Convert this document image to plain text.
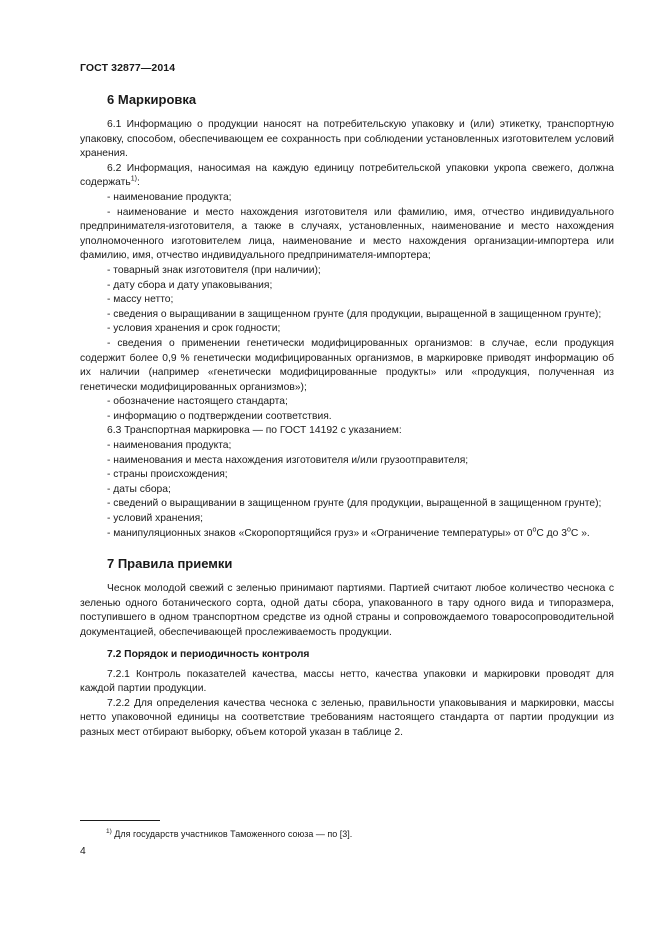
ГОСТ 32877—2014
6 Маркировка

6.1 Информацию о продукции наносят на потребительскую упаковку и (или) этикетку, транспортную упаковку, способом, обеспечивающем ее сохранность при соблюдении установленных изготовителем условий хранения.

6.2 Информация, наносимая на каждую единицу потребительской упаковки укропа свежего, должна содержать$^{1)}$:

- наименование продукта;

- наименование и место нахождения изготовителя или фамилию, имя, отчество индивидуального предпринимателя-изготовителя, а также в случаях, установленных, наименование и место нахождения уполномоченного изготовителем лица, наименование и место нахождения организации-импортера или фамилию, имя, отчество индивидуального предпринимателя-импортера;

- товарный знак изготовителя (при наличии);

- дату сбора и дату упаковывания;

- массу нетто;

- сведения о выращивании в защищенном грунте (для продукции, выращенной в защищенном грунте);

- условия хранения и срок годности;

- сведения о применении генетически модифицированных организмов: в случае, если продукция содержит более 0,9 % генетически модифицированных организмов, в маркировке приводят информацию об их наличии (например «генетически модифицированные продукты» или «продукция, полученная из генетически модифицированных организмов»);

- обозначение настоящего стандарта;

- информацию о подтверждении соответствия.

6.3 Транспортная маркировка — по ГОСТ 14192 с указанием:

- наименования продукта;

- наименования и места нахождения изготовителя и/или грузоотправителя;

- страны происхождения;

- даты сбора;

- сведений о выращивании в защищенном грунте (для продукции, выращенной в защищенном грунте);

- условий хранения;

- манипуляционных знаков «Скоропортящийся груз» и «Ограничение температуры» от $0^оС$ до $3^оС$ ».

7 Правила приемки

Чеснок молодой свежий с зеленью принимают партиями. Партией считают любое количество чеснока с зеленью одного ботанического сорта, одной даты сбора, упакованного в тару одного вида и типоразмера, поступившего в одном транспортном средстве из одной страны и сопровождаемого товаросопроводительной документацией, обеспечивающей прослеживаемость продукции.

7.2 Порядок и периодичность контроля

7.2.1 Контроль показателей качества, массы нетто, качества упаковки и маркировки проводят для каждой партии продукции.

7.2.2 Для определения качества чеснока с зеленью, правильности упаковывания и маркировки, массы нетто упаковочной единицы на соответствие требованиям настоящего стандарта от партии продукции из разных мест отбирают выборку, объем которой указан в таблице 2.

$^{1)}$ Для государств участников Таможенного союза — по [3].
4
